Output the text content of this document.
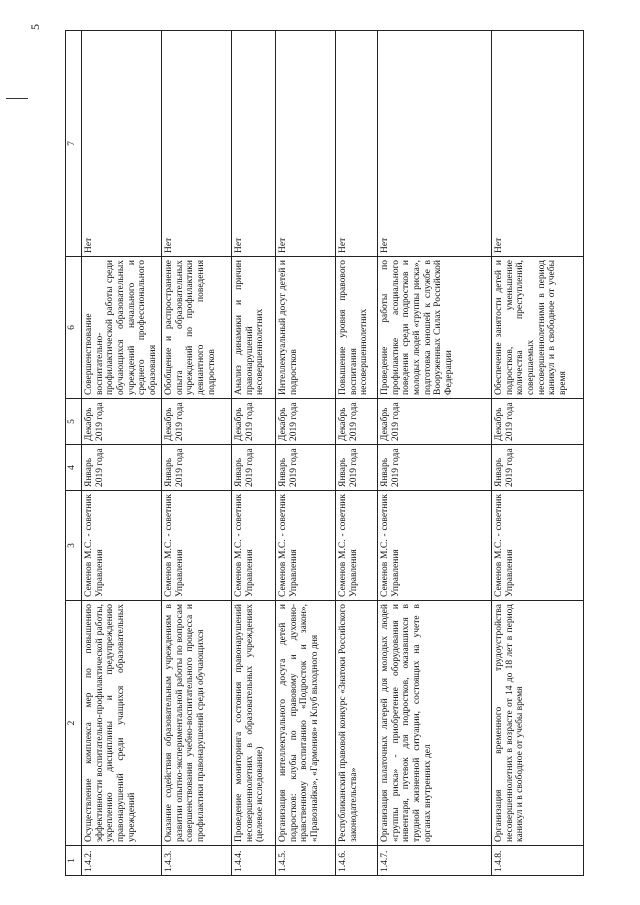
5
1	2	3	4	5	6	7
1.4.2.	Осуществление комплекса мер по повышению эффективности воспитательно-профилактической работы, укреплению дисциплины и предупреждению правонарушений среди учащихся образовательных учреждений	Семенов М.С. - советник Управления	Январь 2019 года	Декабрь 2019 года	Совершенствование воспитательно-профилактической работы среди обучающихся образовательных учреждений начального и среднего профессионального образования	Нет
1.4.3.	Оказание содействия образовательным учреждениям в развитии опытно-экспериментальной работы по вопросам совершенствования учебно-воспитательного процесса и профилактики правонарушений среди обучающихся	Семенов М.С. - советник Управления	Январь 2019 года	Декабрь 2019 года	Обобщение и распространение опыта образовательных учреждений по профилактики девиантного поведения подростков	Нет
1.4.4.	Проведение мониторинга состояния правонарушений несовершеннолетних в образовательных учреждениях (целевое исследование)	Семенов М.С. - советник Управления	Январь 2019 года	Декабрь 2019 года	Анализ динамики и причин правонарушений несовершеннолетних	Нет
1.4.5.	Организация интеллектуального досуга детей и подростков: клубы по правовому и духовно-нравственному воспитанию «Подросток и закон», «Правознайка», «Гармония» и Клуб выходного дня	Семенов М.С. - советник Управления	Январь 2019 года	Декабрь 2019 года	Интеллектуальный досуг детей и подростков	Нет
1.4.6.	Республиканский правовой конкурс «Знатоки Российского законодательства»	Семенов М.С. - советник Управления	Январь 2019 года	Декабрь 2019 года	Повышение уровня правового воспитания несовершеннолетних	Нет
1.4.7.	Организация палаточных лагерей для молодых людей «группы риска» - приобретение оборудования и инвентаря, путевок для подростков, оказавшихся в трудной жизненной ситуации, состоящих на учете в органах внутренних дел	Семенов М.С. - советник Управления	Январь 2019 года	Декабрь 2019 года	Проведение работы по профилактике асоциального поведения среди подростков и молодых людей «группы риска», подготовка юношей к службе в Вооруженных Силах Российской Федерации	Нет
1.4.8.	Организация временного трудоустройства несовершеннолетних в возрасте от 14 до 18 лет в период каникул и в свободное от учебы время	Семенов М.С. - советник Управления	Январь 2019 года	Декабрь 2019 года	Обеспечение занятости детей и подростков, уменьшение количества преступлений, совершаемых несовершеннолетними в период каникул и в свободное от учебы время	Нет
